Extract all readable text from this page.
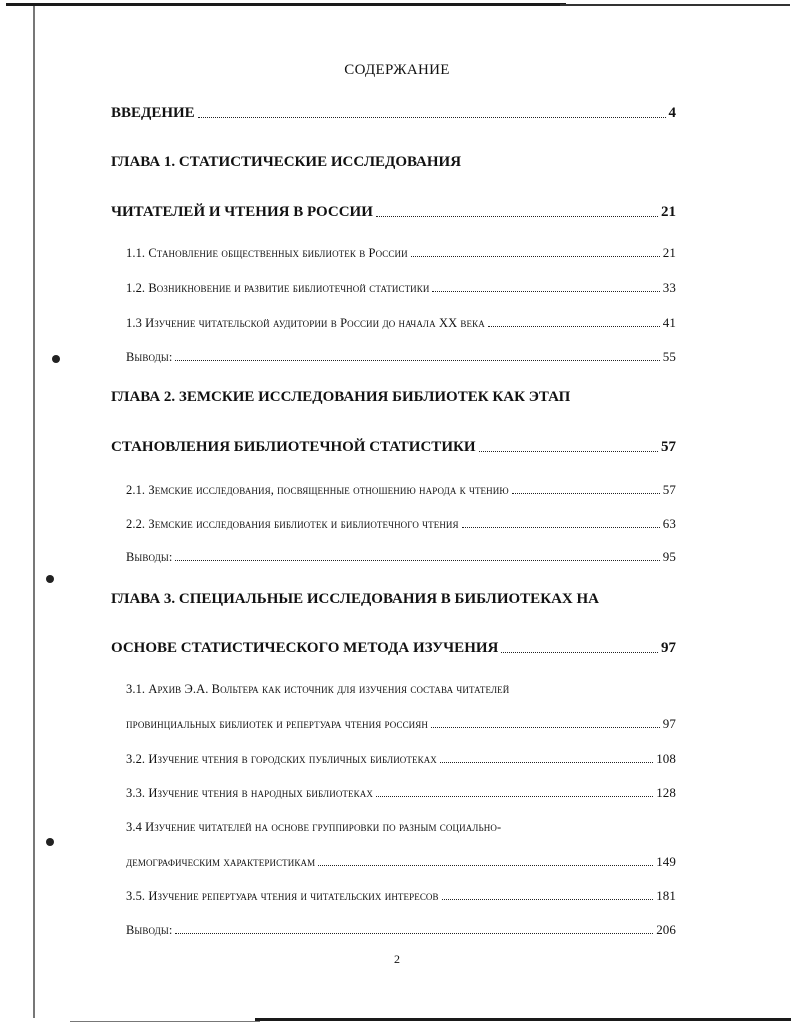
СОДЕРЖАНИЕ
ВВЕДЕНИЕ	4
ГЛАВА 1. СТАТИСТИЧЕСКИЕ ИССЛЕДОВАНИЯ
ЧИТАТЕЛЕЙ И ЧТЕНИЯ В РОССИИ	21
1.1. Становление общественных библиотек в России	21
1.2. Возникновение и развитие библиотечной статистики	33
1.3 Изучение читательской аудитории в России до начала XX века	41
Выводы:	55
ГЛАВА 2. ЗЕМСКИЕ ИССЛЕДОВАНИЯ БИБЛИОТЕК КАК ЭТАП
СТАНОВЛЕНИЯ БИБЛИОТЕЧНОЙ СТАТИСТИКИ	57
2.1. Земские исследования, посвященные отношению народа к чтению	57
2.2. Земские исследования библиотек и библиотечного чтения	63
Выводы:	95
ГЛАВА 3. СПЕЦИАЛЬНЫЕ ИССЛЕДОВАНИЯ В БИБЛИОТЕКАХ НА
ОСНОВЕ СТАТИСТИЧЕСКОГО МЕТОДА ИЗУЧЕНИЯ	97
3.1. Архив Э.А. Вольтера как источник для изучения состава читателей
провинциальных библиотек и репертуара чтения россиян	97
3.2. Изучение чтения в городских публичных библиотеках	108
3.3. Изучение чтения в народных библиотеках	128
3.4 Изучение читателей на основе группировки по разным социально-
демографическим характеристикам	149
3.5. Изучение репертуара чтения и читательских интересов	181
Выводы:	206
2
